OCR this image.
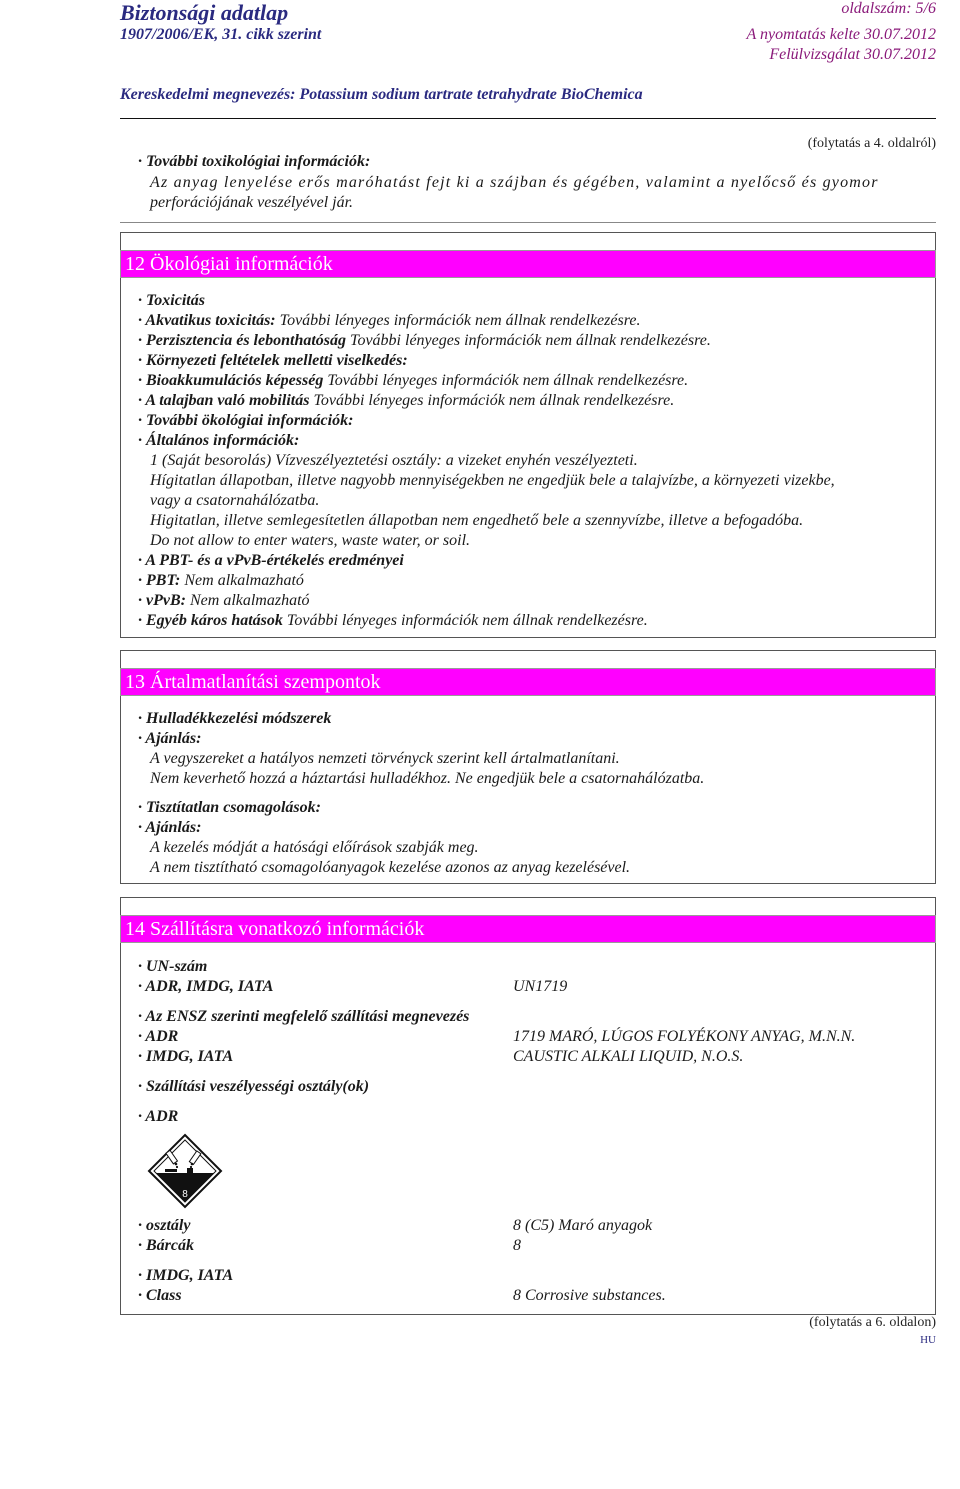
Biztonsági adatlap
1907/2006/EK, 31. cikk szerint
oldalszám: 5/6
A nyomtatás kelte 30.07.2012
Felülvizsgálat 30.07.2012
Kereskedelmi megnevezés: Potassium sodium tartrate tetrahydrate BioChemica
(folytatás a 4. oldalról)
· További toxikológiai információk:
Az anyag lenyelése erős maróhatást fejt ki a szájban és gégében, valamint a nyelőcső és gyomor
perforációjának veszélyével jár.
12 Ökológiai információk
· Toxicitás
· Akvatikus toxicitás: További lényeges információk nem állnak rendelkezésre.
· Perzisztencia és lebonthatóság További lényeges információk nem állnak rendelkezésre.
· Környezeti feltételek melletti viselkedés:
· Bioakkumulációs képesség További lényeges információk nem állnak rendelkezésre.
· A talajban való mobilitás További lényeges információk nem állnak rendelkezésre.
· További ökológiai információk:
· Általános információk:
1 (Saját besorolás) Vízveszélyeztetési osztály: a vizeket enyhén veszélyezteti.
Hígitatlan állapotban, illetve nagyobb mennyiségekben ne engedjük bele a talajvízbe, a környezeti vizekbe,
vagy a csatornahálózatba.
Higitatlan, illetve semlegesítetlen állapotban nem engedhető bele a szennyvízbe, illetve a befogadóba.
Do not allow to enter waters, waste water, or soil.
· A PBT- és a vPvB-értékelés eredményei
· PBT: Nem alkalmazható
· vPvB: Nem alkalmazható
· Egyéb káros hatások További lényeges információk nem állnak rendelkezésre.
13 Ártalmatlanítási szempontok
· Hulladékkezelési módszerek
· Ajánlás:
A vegyszereket a hatályos nemzeti törvényck szerint kell ártalmatlanítani.
Nem keverhető hozzá a háztartási hulladékhoz. Ne engedjük bele a csatornahálózatba.
· Tisztítatlan csomagolások:
· Ajánlás:
A kezelés módját a hatósági előírások szabják meg.
A nem tisztítható csomagolóanyagok kezelése azonos az anyag kezelésével.
14 Szállításra vonatkozó információk
· UN-szám
· ADR, IMDG, IATA	UN1719
· Az ENSZ szerinti megfelelő szállítási megnevezés
· ADR	1719 MARÓ, LÚGOS FOLYÉKONY ANYAG, M.N.N.
· IMDG, IATA	CAUSTIC ALKALI LIQUID, N.O.S.
· Szállítási veszélyességi osztály(ok)
· ADR
8
· osztály	8 (C5) Maró anyagok
· Bárcák	8
· IMDG, IATA
· Class	8 Corrosive substances.
(folytatás a 6. oldalon)
HU
